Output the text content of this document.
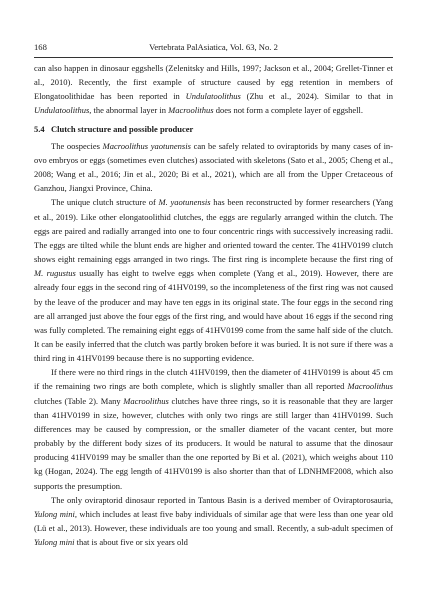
168	Vertebrata PalAsiatica, Vol. 63, No. 2

can also happen in dinosaur eggshells (Zelenitsky and Hills, 1997; Jackson et al., 2004; Grellet-Tinner et al., 2010). Recently, the first example of structure caused by egg retention in members of Elongatoolithidae has been reported in Undulatoolithus (Zhu et al., 2024). Similar to that in Undulatoolithus, the abnormal layer in Macroolithus does not form a complete layer of eggshell.

5.4 Clutch structure and possible producer

The oospecies Macroolithus yaotunensis can be safely related to oviraptorids by many cases of in-ovo embryos or eggs (sometimes even clutches) associated with skeletons (Sato et al., 2005; Cheng et al., 2008; Wang et al., 2016; Jin et al., 2020; Bi et al., 2021), which are all from the Upper Cretaceous of Ganzhou, Jiangxi Province, China.

The unique clutch structure of M. yaotunensis has been reconstructed by former researchers (Yang et al., 2019). Like other elongatoolithid clutches, the eggs are regularly arranged within the clutch. The eggs are paired and radially arranged into one to four concentric rings with successively increasing radii. The eggs are tilted while the blunt ends are higher and oriented toward the center. The 41HV0199 clutch shows eight remaining eggs arranged in two rings. The first ring is incomplete because the first ring of M. rugustus usually has eight to twelve eggs when complete (Yang et al., 2019). However, there are already four eggs in the second ring of 41HV0199, so the incompleteness of the first ring was not caused by the leave of the producer and may have ten eggs in its original state. The four eggs in the second ring are all arranged just above the four eggs of the first ring, and would have about 16 eggs if the second ring was fully completed. The remaining eight eggs of 41HV0199 come from the same half side of the clutch. It can be easily inferred that the clutch was partly broken before it was buried. It is not sure if there was a third ring in 41HV0199 because there is no supporting evidence.

If there were no third rings in the clutch 41HV0199, then the diameter of 41HV0199 is about 45 cm if the remaining two rings are both complete, which is slightly smaller than all reported Macroolithus clutches (Table 2). Many Macroolithus clutches have three rings, so it is reasonable that they are larger than 41HV0199 in size, however, clutches with only two rings are still larger than 41HV0199. Such differences may be caused by compression, or the smaller diameter of the vacant center, but more probably by the different body sizes of its producers. It would be natural to assume that the dinosaur producing 41HV0199 may be smaller than the one reported by Bi et al. (2021), which weighs about 110 kg (Hogan, 2024). The egg length of 41HV0199 is also shorter than that of LDNHMF2008, which also supports the presumption.

The only oviraptorid dinosaur reported in Tantous Basin is a derived member of Oviraptorosauria, Yulong mini, which includes at least five baby individuals of similar age that were less than one year old (Lü et al., 2013). However, these individuals are too young and small. Recently, a sub-adult specimen of Yulong mini that is about five or six years old
